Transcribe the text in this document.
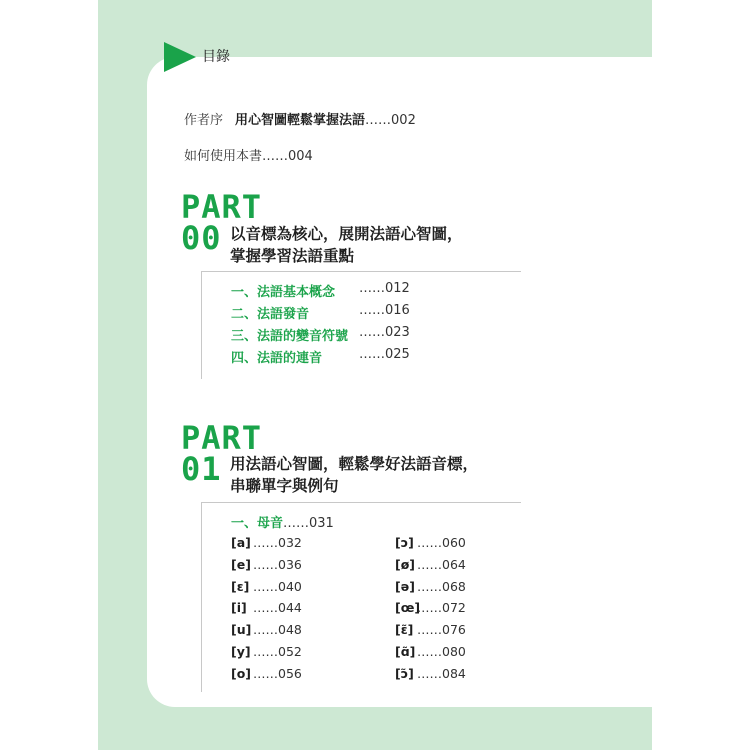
目錄
作者序 用心智圖輕鬆掌握法語……002
如何使用本書……004
PART
00 以音標為核心，展開法語心智圖，
掌握學習法語重點
一、法語基本概念 ……012
二、法語發音	……016
三、法語的變音符號 ……023
四、法語的連音	……025
PART
01 用法語心智圖，輕鬆學好法語音標，
串聯單字與例句
一、母音……031
[a] ……032
[e] ……036
[ɛ] ……040
[i] ……044
[u] ……048
[y] ……052
[o] ……056
[ɔ] ……060
[ø] ……064
[ə] ……068
[œ]……072
[ɛ̃] ……076
[ɑ̃] ……080
[ɔ̃] ……084
